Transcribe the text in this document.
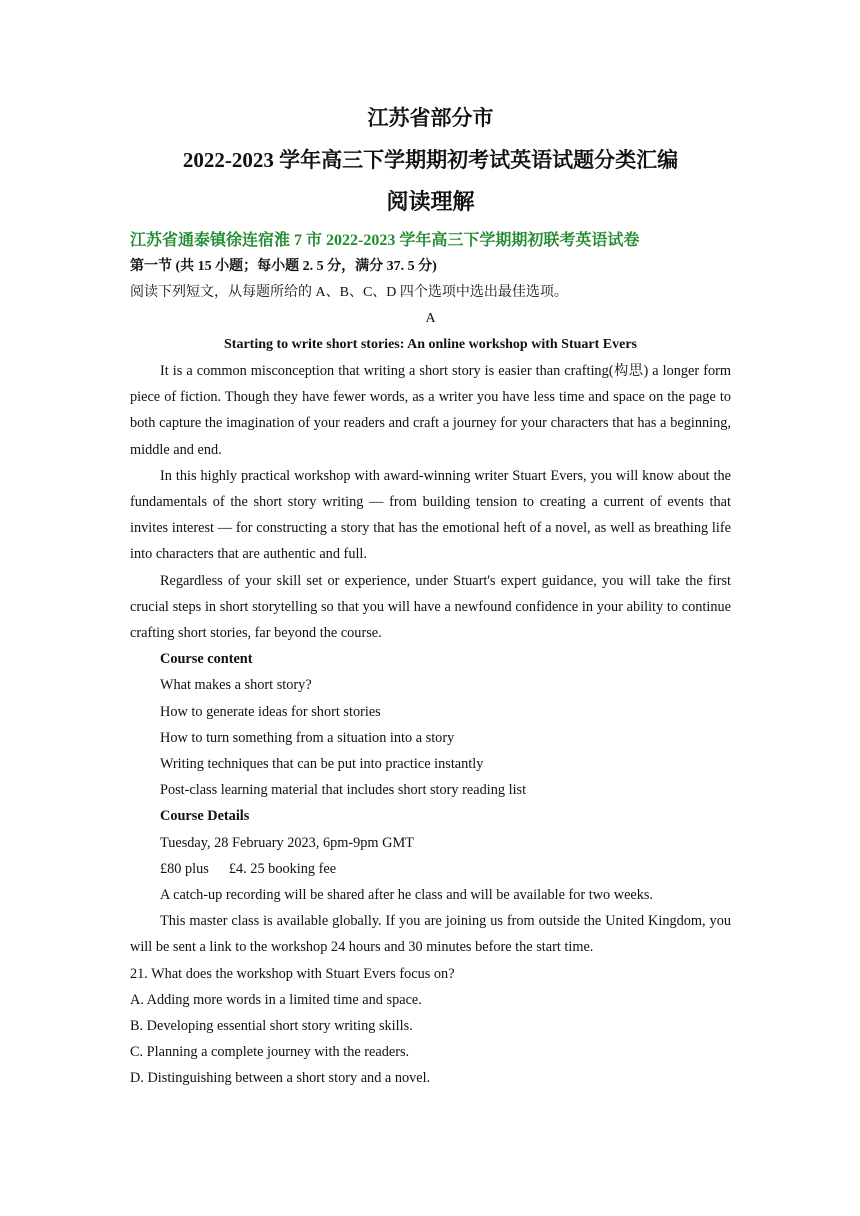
江苏省部分市

2022-2023 学年高三下学期期初考试英语试题分类汇编

阅读理解

江苏省通泰镇徐连宿淮 7 市 2022-2023 学年高三下学期期初联考英语试卷

第一节 (共 15 小题；每小题 2. 5 分，满分 37. 5 分)

阅读下列短文，从每题所给的 A、B、C、D 四个选项中选出最佳选项。

A

Starting to write short stories: An online workshop with Stuart Evers

It is a common misconception that writing a short story is easier than crafting(构思) a longer form piece of fiction. Though they have fewer words, as a writer you have less time and space on the page to both capture the imagination of your readers and craft a journey for your characters that has a beginning, middle and end.

In this highly practical workshop with award-winning writer Stuart Evers, you will know about the fundamentals of the short story writing — from building tension to creating a current of events that invites interest — for constructing a story that has the emotional heft of a novel, as well as breathing life into characters that are authentic and full.

Regardless of your skill set or experience, under Stuart's expert guidance, you will take the first crucial steps in short storytelling so that you will have a newfound confidence in your ability to continue crafting short stories, far beyond the course.

Course content

What makes a short story?

How to generate ideas for short stories

How to turn something from a situation into a story

Writing techniques that can be put into practice instantly

Post-class learning material that includes short story reading list

Course Details

Tuesday, 28 February 2023, 6pm-9pm GMT

£80 plus £4. 25 booking fee

A catch-up recording will be shared after he class and will be available for two weeks.

This master class is available globally. If you are joining us from outside the United Kingdom, you will be sent a link to the workshop 24 hours and 30 minutes before the start time.

21. What does the workshop with Stuart Evers focus on?

A. Adding more words in a limited time and space.

B. Developing essential short story writing skills.

C. Planning a complete journey with the readers.

D. Distinguishing between a short story and a novel.
